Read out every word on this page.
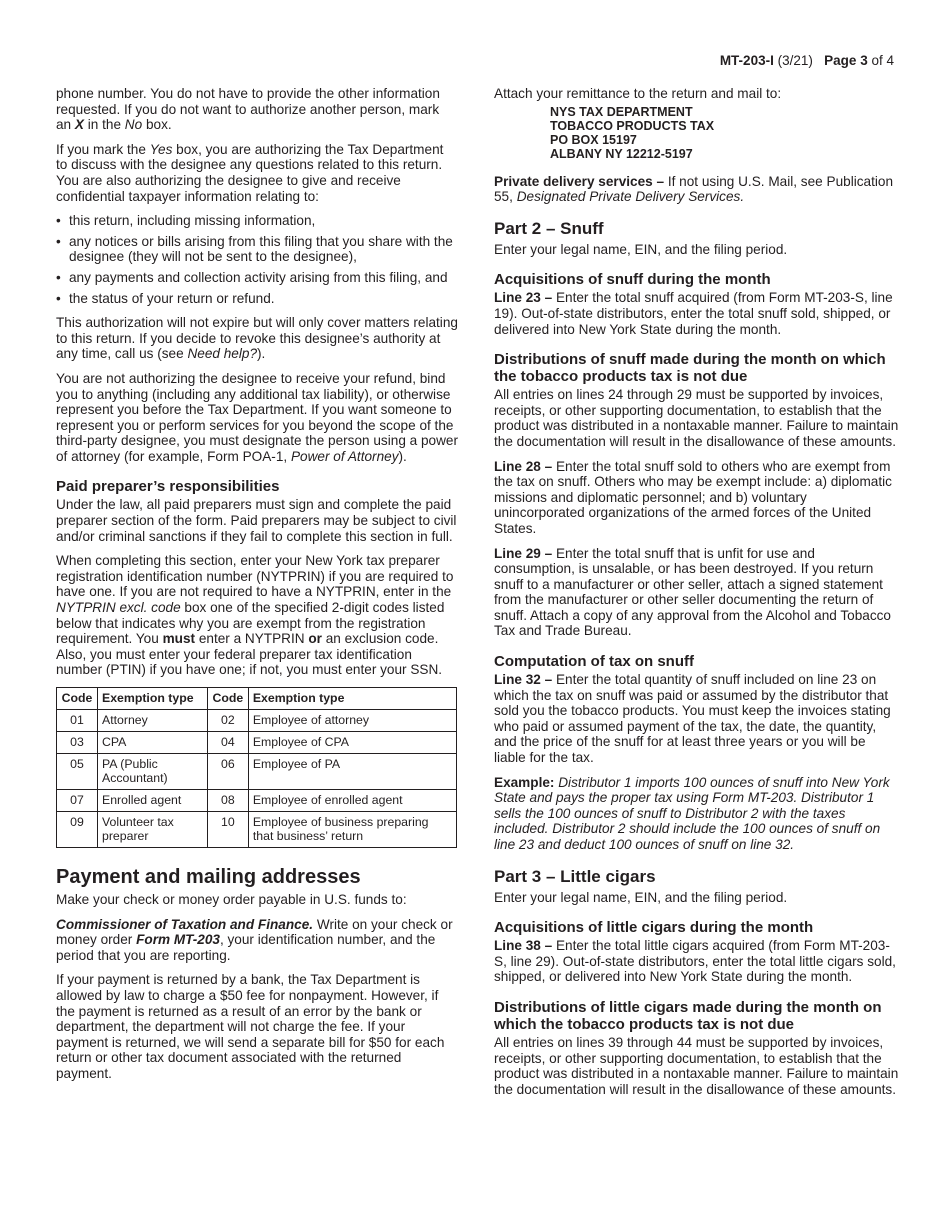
MT-203-I (3/21) Page 3 of 4

phone number. You do not have to provide the other information requested. If you do not want to authorize another person, mark an X in the No box.

If you mark the Yes box, you are authorizing the Tax Department to discuss with the designee any questions related to this return. You are also authorizing the designee to give and receive confidential taxpayer information relating to:

• this return, including missing information,
• any notices or bills arising from this filing that you share with the designee (they will not be sent to the designee),
• any payments and collection activity arising from this filing, and
• the status of your return or refund.

This authorization will not expire but will only cover matters relating to this return. If you decide to revoke this designee’s authority at any time, call us (see Need help?).

You are not authorizing the designee to receive your refund, bind you to anything (including any additional tax liability), or otherwise represent you before the Tax Department. If you want someone to represent you or perform services for you beyond the scope of the third-party designee, you must designate the person using a power of attorney (for example, Form POA-1, Power of Attorney).

Paid preparer’s responsibilities

Under the law, all paid preparers must sign and complete the paid preparer section of the form. Paid preparers may be subject to civil and/or criminal sanctions if they fail to complete this section in full.

When completing this section, enter your New York tax preparer registration identification number (NYTPRIN) if you are required to have one. If you are not required to have a NYTPRIN, enter in the NYTPRIN excl. code box one of the specified 2-digit codes listed below that indicates why you are exempt from the registration requirement. You must enter a NYTPRIN or an exclusion code. Also, you must enter your federal preparer tax identification number (PTIN) if you have one; if not, you must enter your SSN.

Code	Exemption type	Code	Exemption type
01	Attorney	02	Employee of attorney
03	CPA	04	Employee of CPA
05	PA (Public Accountant)	06	Employee of PA
07	Enrolled agent	08	Employee of enrolled agent
09	Volunteer tax preparer	10	Employee of business preparing that business’ return
Payment and mailing addresses

Make your check or money order payable in U.S. funds to:

Commissioner of Taxation and Finance. Write on your check or money order Form MT-203, your identification number, and the period that you are reporting.

If your payment is returned by a bank, the Tax Department is allowed by law to charge a $50 fee for nonpayment. However, if the payment is returned as a result of an error by the bank or department, the department will not charge the fee. If your payment is returned, we will send a separate bill for $50 for each return or other tax document associated with the returned payment.

Attach your remittance to the return and mail to:

NYS TAX DEPARTMENT
TOBACCO PRODUCTS TAX
PO BOX 15197
ALBANY NY 12212-5197

Private delivery services – If not using U.S. Mail, see Publication 55, Designated Private Delivery Services.

Part 2 – Snuff

Enter your legal name, EIN, and the filing period.

Acquisitions of snuff during the month

Line 23 – Enter the total snuff acquired (from Form MT-203-S, line 19). Out-of-state distributors, enter the total snuff sold, shipped, or delivered into New York State during the month.

Distributions of snuff made during the month on which the tobacco products tax is not due

All entries on lines 24 through 29 must be supported by invoices, receipts, or other supporting documentation, to establish that the product was distributed in a nontaxable manner. Failure to maintain the documentation will result in the disallowance of these amounts.

Line 28 – Enter the total snuff sold to others who are exempt from the tax on snuff. Others who may be exempt include: a) diplomatic missions and diplomatic personnel; and b) voluntary unincorporated organizations of the armed forces of the United States.

Line 29 – Enter the total snuff that is unfit for use and consumption, is unsalable, or has been destroyed. If you return snuff to a manufacturer or other seller, attach a signed statement from the manufacturer or other seller documenting the return of snuff. Attach a copy of any approval from the Alcohol and Tobacco Tax and Trade Bureau.

Computation of tax on snuff

Line 32 – Enter the total quantity of snuff included on line 23 on which the tax on snuff was paid or assumed by the distributor that sold you the tobacco products. You must keep the invoices stating who paid or assumed payment of the tax, the date, the quantity, and the price of the snuff for at least three years or you will be liable for the tax.

Example: Distributor 1 imports 100 ounces of snuff into New York State and pays the proper tax using Form MT-203. Distributor 1 sells the 100 ounces of snuff to Distributor 2 with the taxes included. Distributor 2 should include the 100 ounces of snuff on line 23 and deduct 100 ounces of snuff on line 32.

Part 3 – Little cigars

Enter your legal name, EIN, and the filing period.

Acquisitions of little cigars during the month

Line 38 – Enter the total little cigars acquired (from Form MT-203-S, line 29). Out-of-state distributors, enter the total little cigars sold, shipped, or delivered into New York State during the month.

Distributions of little cigars made during the month on which the tobacco products tax is not due

All entries on lines 39 through 44 must be supported by invoices, receipts, or other supporting documentation, to establish that the product was distributed in a nontaxable manner. Failure to maintain the documentation will result in the disallowance of these amounts.
